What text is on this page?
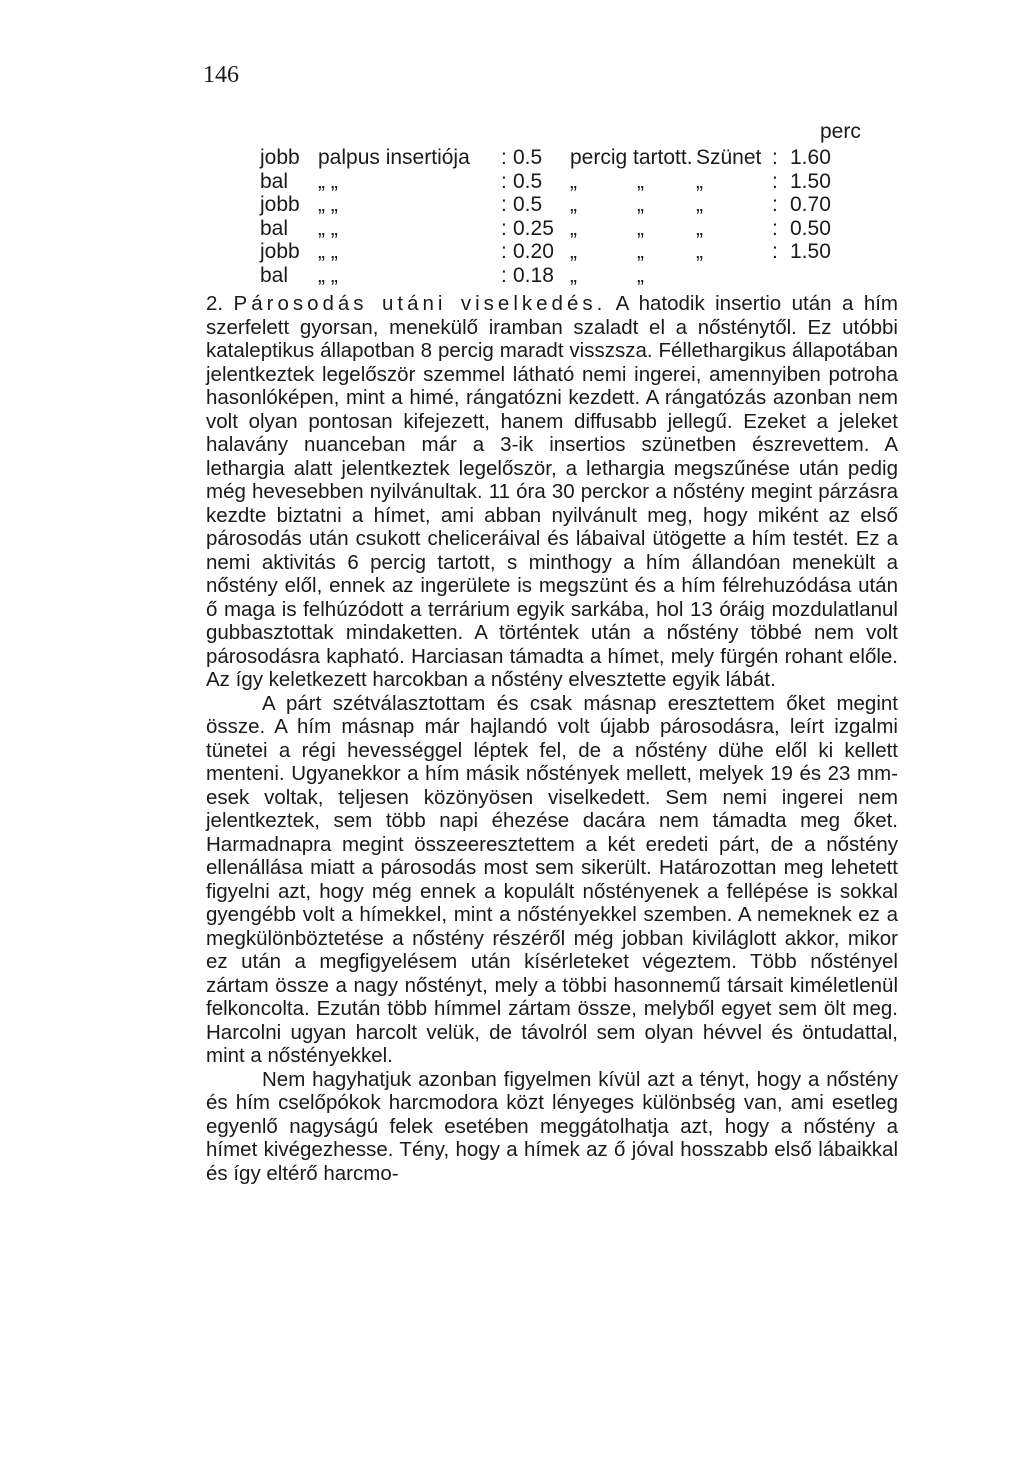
146
perc
jobb palpus insertiója : 0.5 percig tartott. Szünet : 1.60
bal „ „	: 0.5 „	„ „	: 1.50
jobb „ „	: 0.5 „	„ „	: 0.70
bal „ „	: 0.25 „	„ „	: 0.50
jobb „ „	: 0.20 „	„ „	: 1.50
bal „ „	: 0.18 „	„

2. Párosodás utáni viselkedés. A hatodik insertio után a hím szerfelett gyorsan, menekülő iramban szaladt el a nősténytől. Ez utóbbi kataleptikus állapotban 8 percig maradt visszsza. Féllethargikus állapotában jelentkeztek legelőször szemmel látható nemi ingerei, amennyiben potroha hasonlóképen, mint a himé, rángatózni kezdett. A rángatózás azonban nem volt olyan pontosan kifejezett, hanem diffusabb jellegű. Ezeket a jeleket halavány nuanceban már a 3-ik insertios szünetben észrevettem. A lethargia alatt jelentkeztek legelőször, a lethargia megszűnése után pedig még hevesebben nyilvánultak. 11 óra 30 perckor a nőstény megint párzásra kezdte biztatni a hímet, ami abban nyilvánult meg, hogy miként az első párosodás után csukott cheliceráival és lábaival ütögette a hím testét. Ez a nemi aktivitás 6 percig tartott, s minthogy a hím állandóan menekült a nőstény elől, ennek az ingerülete is megszünt és a hím félrehuzódása után ő maga is felhúzódott a terrárium egyik sarkába, hol 13 óráig mozdulatlanul gubbasztottak mindaketten. A történtek után a nőstény többé nem volt párosodásra kapható. Harciasan támadta a hímet, mely fürgén rohant előle. Az így keletkezett harcokban a nőstény elvesztette egyik lábát.

A párt szétválasztottam és csak másnap eresztettem őket megint össze. A hím másnap már hajlandó volt újabb párosodásra, leírt izgalmi tünetei a régi hevességgel léptek fel, de a nőstény dühe elől ki kellett menteni. Ugyanekkor a hím másik nőstények mellett, melyek 19 és 23 mm-esek voltak, teljesen közönyösen viselkedett. Sem nemi ingerei nem jelentkeztek, sem több napi éhezése dacára nem támadta meg őket. Harmadnapra megint összeeresztettem a két eredeti párt, de a nőstény ellenállása miatt a párosodás most sem sikerült. Határozottan meg lehetett figyelni azt, hogy még ennek a kopulált nőstényenek a fellépése is sokkal gyengébb volt a hímekkel, mint a nőstényekkel szemben. A nemeknek ez a megkülönböztetése a nőstény részéről még jobban kiviláglott akkor, mikor ez után a megfigyelésem után kísérleteket végeztem. Több nőstényel zártam össze a nagy nőstényt, mely a többi hasonnemű társait kiméletlenül felkoncolta. Ezután több hímmel zártam össze, melyből egyet sem ölt meg. Harcolni ugyan harcolt velük, de távolról sem olyan hévvel és öntudattal, mint a nőstényekkel.

Nem hagyhatjuk azonban figyelmen kívül azt a tényt, hogy a nőstény és hím cselőpókok harcmodora közt lényeges különbség van, ami esetleg egyenlő nagyságú felek esetében meggátolhatja azt, hogy a nőstény a hímet kivégezhesse. Tény, hogy a hímek az ő jóval hosszabb első lábaikkal és így eltérő harcmo-
